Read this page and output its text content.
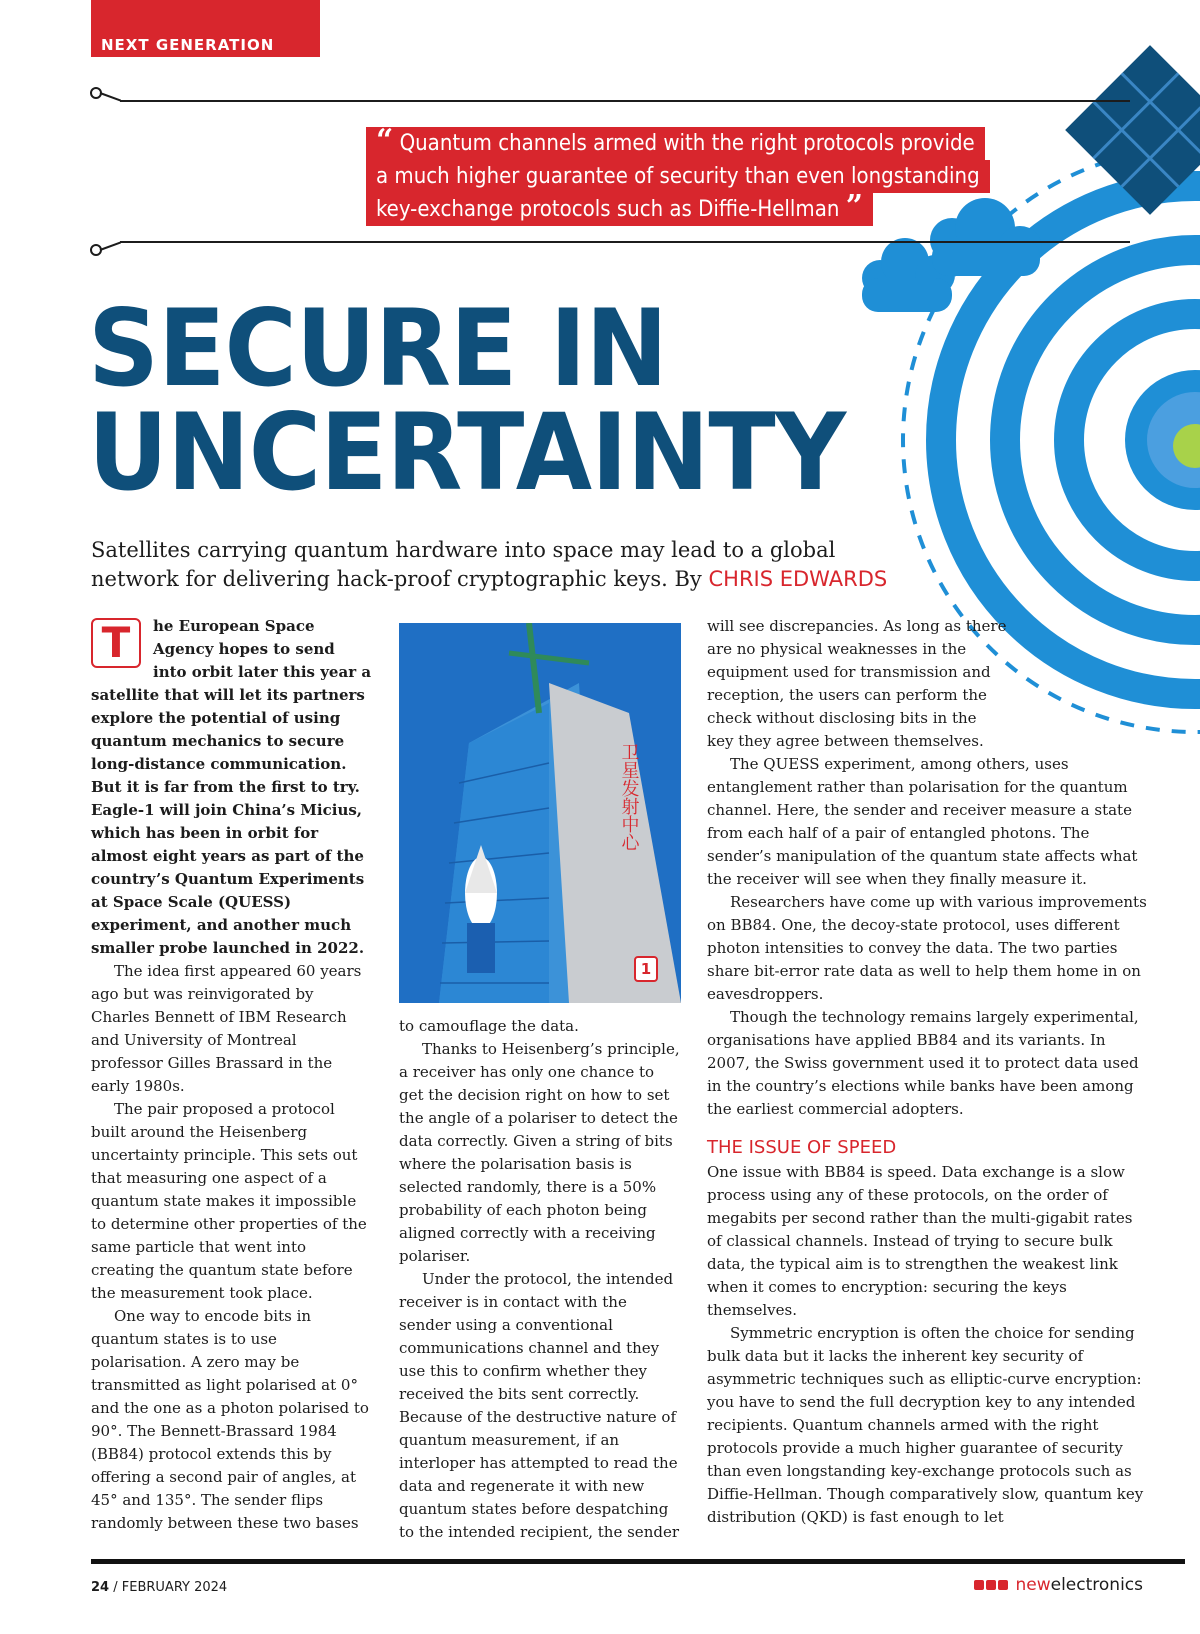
NEXT GENERATION COMMS
“ Quantum channels armed with the right protocols provide
a much higher guarantee of security than even longstanding
key-exchange protocols such as Diffie-Hellman ”
SECURE IN
UNCERTAINTY

Satellites carrying quantum hardware into space may lead to a global network for delivering hack-proof cryptographic keys. By CHRIS EDWARDS

T	he European Space Agency hopes to send into orbit later this year a satellite that will let its partners explore the potential of using quantum mechanics to secure long-distance communication. But it is far from the first to try. Eagle-1 will join China’s Micius, which has been in orbit for almost eight years as part of the country’s Quantum Experiments at Space Scale (QUESS) experiment, and another much smaller probe launched in 2022.

The idea first appeared 60 years ago but was reinvigorated by Charles Bennett of IBM Research and University of Montreal professor Gilles Brassard in the early 1980s.

The pair proposed a protocol built around the Heisenberg uncertainty principle. This sets out that measuring one aspect of a quantum state makes it impossible to determine other properties of the same particle that went into creating the quantum state before the measurement took place.

One way to encode bits in quantum states is to use polarisation. A zero may be transmitted as light polarised at 0° and the one as a photon polarised to 90°. The Bennett-Brassard 1984 (BB84) protocol extends this by offering a second pair of angles, at 45° and 135°. The sender flips randomly between these two bases

卫星发射中心
1

to camouflage the data.

Thanks to Heisenberg’s principle, a receiver has only one chance to get the decision right on how to set the angle of a polariser to detect the data correctly. Given a string of bits where the polarisation basis is selected randomly, there is a 50% probability of each photon being aligned correctly with a receiving polariser.

Under the protocol, the intended receiver is in contact with the sender using a conventional communications channel and they use this to confirm whether they received the bits sent correctly. Because of the destructive nature of quantum measurement, if an interloper has attempted to read the data and regenerate it with new quantum states before despatching to the intended recipient, the sender

will see discrepancies. As long as there are no physical weaknesses in the equipment used for transmission and reception, the users can perform the check without disclosing bits in the key they agree between themselves.

The QUESS experiment, among others, uses entanglement rather than polarisation for the quantum channel. Here, the sender and receiver measure a state from each half of a pair of entangled photons. The sender’s manipulation of the quantum state affects what the receiver will see when they finally measure it.

Researchers have come up with various improvements on BB84. One, the decoy-state protocol, uses different photon intensities to convey the data. The two parties share bit-error rate data as well to help them home in on eavesdroppers.

Though the technology remains largely experimental, organisations have applied BB84 and its variants. In 2007, the Swiss government used it to protect data used in the country’s elections while banks have been among the earliest commercial adopters.

THE ISSUE OF SPEED

One issue with BB84 is speed. Data exchange is a slow process using any of these protocols, on the order of megabits per second rather than the multi-gigabit rates of classical channels. Instead of trying to secure bulk data, the typical aim is to strengthen the weakest link when it comes to encryption: securing the keys themselves.

Symmetric encryption is often the choice for sending bulk data but it lacks the inherent key security of asymmetric techniques such as elliptic-curve encryption: you have to send the full decryption key to any intended recipients. Quantum channels armed with the right protocols provide a much higher guarantee of security than even longstanding key-exchange protocols such as Diffie-Hellman. Though comparatively slow, quantum key distribution (QKD) is fast enough to let

24 / FEBRUARY 2024	newelectronics
